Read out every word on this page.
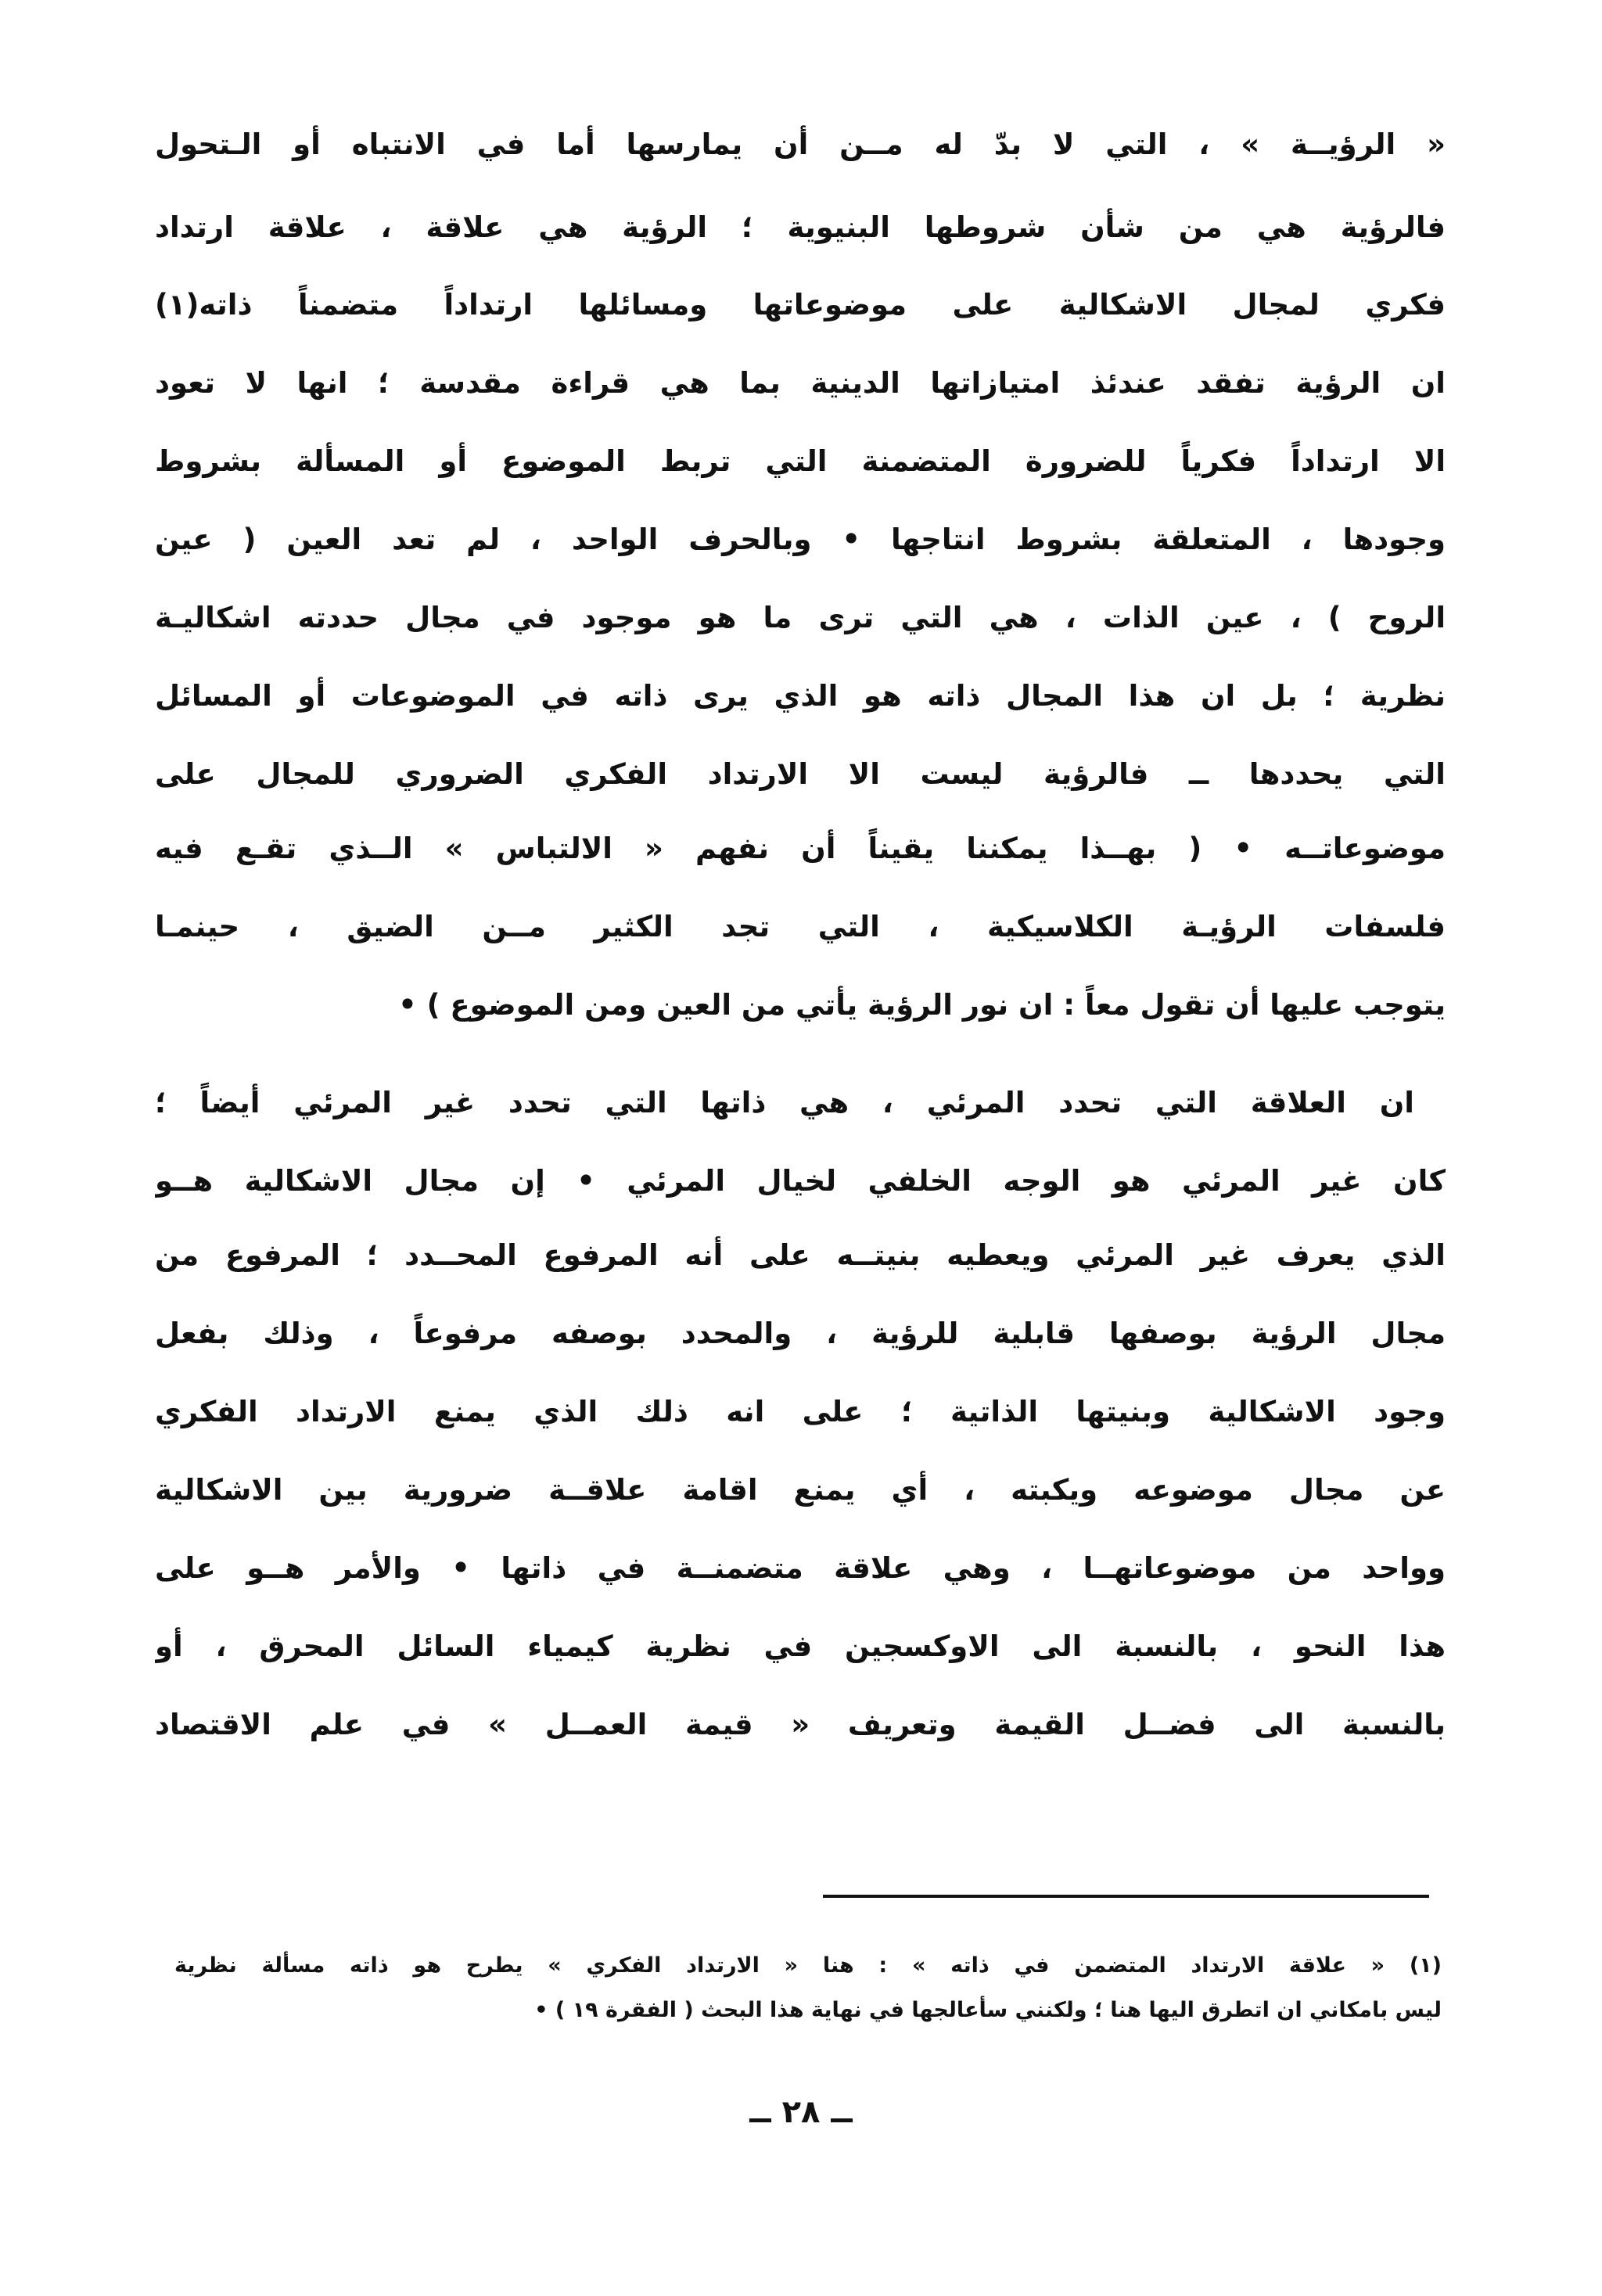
« الرؤيــة » ، التي لا بدّ له مــن أن يمارسها أما في الانتباه أو الـتحول
فالرؤية هي من شأن شروطها البنيوية ؛ الرؤية هي علاقة ، علاقة ارتداد
فكري لمجال الاشكالية على موضوعاتها ومسائلها ارتداداً متضمناً ذاته(١)
ان الرؤية تفقد عندئذ امتيازاتها الدينية بما هي قراءة مقدسة ؛ انها لا تعود
الا ارتداداً فكرياً للضرورة المتضمنة التي تربط الموضوع أو المسألة بشروط
وجودها ، المتعلقة بشروط انتاجها • وبالحرف الواحد ، لم تعد العين ( عين
الروح ) ، عين الذات ، هي التي ترى ما هو موجود في مجال حددته اشكاليـة
نظرية ؛ بل ان هذا المجال ذاته هو الذي يرى ذاته في الموضوعات أو المسائل
التي يحددها ــ فالرؤية ليست الا الارتداد الفكري الضروري للمجال على
موضوعاتــه • ( بهــذا يمكننا يقيناً أن نفهم « الالتباس » الــذي تقـع فيه
فلسفات الرؤيـة الكلاسيكية ، التي تجد الكثير مــن الضيق ، حينمـا
يتوجب عليها أن تقول معاً : ان نور الرؤية يأتي من العين ومن الموضوع ) •
ان العلاقة التي تحدد المرئي ، هي ذاتها التي تحدد غير المرئي أيضاً ؛
كان غير المرئي هو الوجه الخلفي لخيال المرئي • إن مجال الاشكالية هــو
الذي يعرف غير المرئي ويعطيه بنيتــه على أنه المرفوع المحــدد ؛ المرفوع من
مجال الرؤية بوصفها قابلية للرؤية ، والمحدد بوصفه مرفوعاً ، وذلك بفعل
وجود الاشكالية وبنيتها الذاتية ؛ على انه ذلك الذي يمنع الارتداد الفكري
عن مجال موضوعه ويكبته ، أي يمنع اقامة علاقــة ضرورية بين الاشكالية
وواحد من موضوعاتهــا ، وهي علاقة متضمنــة في ذاتها • والأمر هــو على
هذا النحو ، بالنسبة الى الاوكسجين في نظرية كيمياء السائل المحرق ، أو
بالنسبة الى فضــل القيمة وتعريف « قيمة العمــل » في علم الاقتصاد
(١) « علاقة الارتداد المتضمن في ذاته » : هنا « الارتداد الفكري » يطرح هو ذاته مسألة نظرية
ليس بامكاني ان اتطرق اليها هنا ؛ ولكنني سأعالجها في نهاية هذا البحث ( الفقرة ١٩ ) •
ــ ٢٨ ــ
